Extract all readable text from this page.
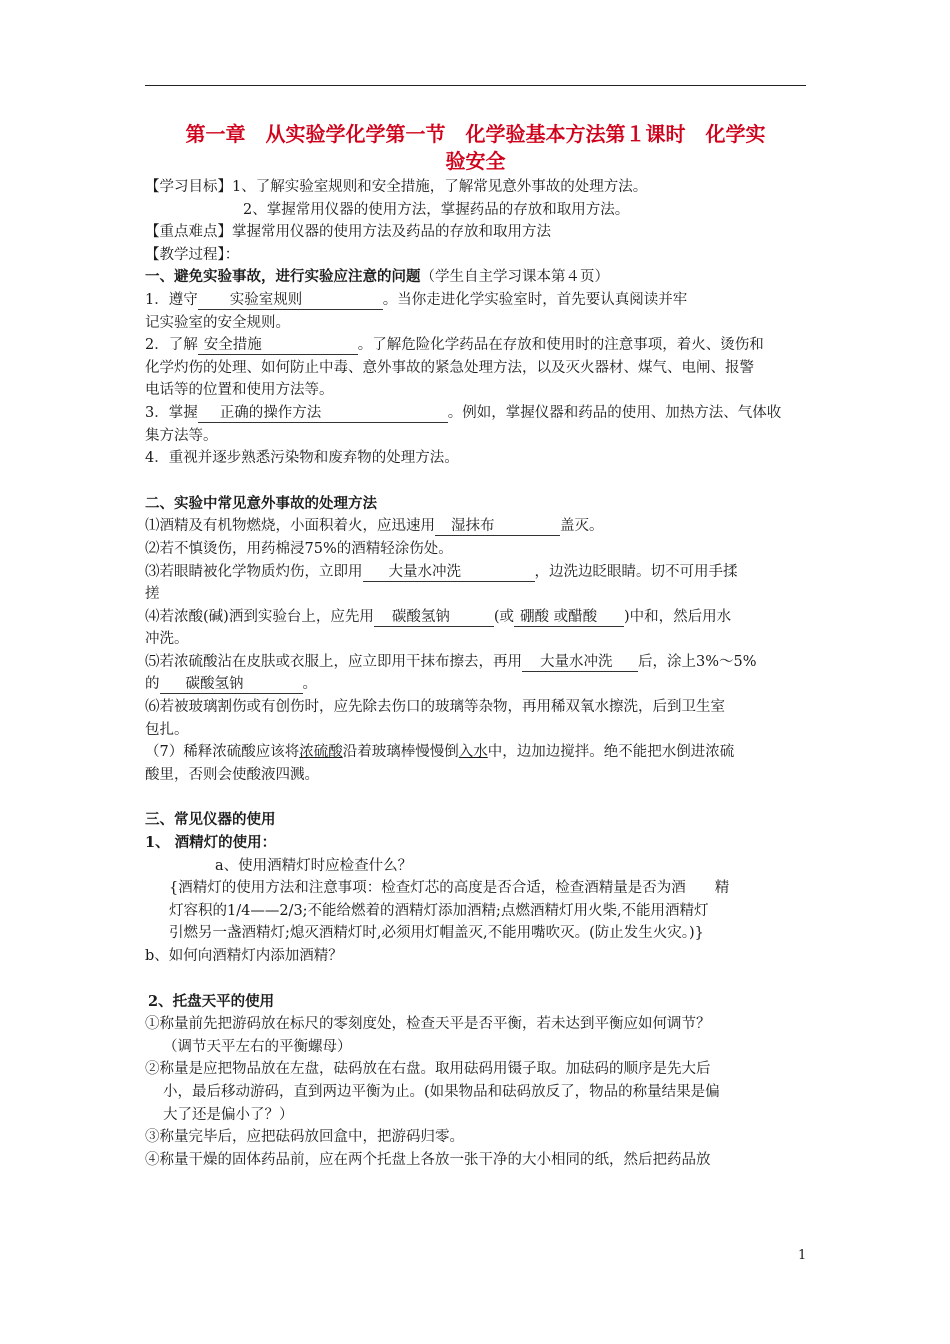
第一章　从实验学化学第一节　化学验基本方法第１课时　化学实
验安全
【学习目标】1、了解实验室规则和安全措施，了解常见意外事故的处理方法。
2、掌握常用仪器的使用方法，掌握药品的存放和取用方法。
【重点难点】掌握常用仪器的使用方法及药品的存放和取用方法
【教学过程】：
一、避免实验事故，进行实验应注意的问题（学生自主学习课本第４页）
1．遵守 实验室规则	。当你走进化学实验室时，首先要认真阅读并牢
记实验室的安全规则。
2．了解 安全措施	。了解危险化学药品在存放和使用时的注意事项，着火、烫伤和
化学灼伤的处理、如何防止中毒、意外事故的紧急处理方法，以及灭火器材、煤气、电闸、报警
电话等的位置和使用方法等。
3．掌握 正确的操作方法	。例如，掌握仪器和药品的使用、加热方法、气体收
集方法等。
4．重视并逐步熟悉污染物和废弃物的处理方法。
二、实验中常见意外事故的处理方法
⑴酒精及有机物燃烧，小面积着火，应迅速用 湿抹布	盖灭。
⑵若不慎烫伤，用药棉浸75%的酒精轻涂伤处。
⑶若眼睛被化学物质灼伤，立即用 大量水冲洗	，边洗边眨眼睛。切不可用手揉
搓
⑷若浓酸(碱)洒到实验台上，应先用 碳酸氢钠	(或 硼酸 或醋酸 )中和，然后用水
冲洗。
⑸若浓硫酸沾在皮肤或衣服上，应立即用干抹布擦去，再用 大量水冲洗 后，涂上3%～5%
的 碳酸氢钠	。
⑹若被玻璃割伤或有创伤时，应先除去伤口的玻璃等杂物，再用稀双氧水擦洗，后到卫生室
包扎。
（7）稀释浓硫酸应该将浓硫酸沿着玻璃棒慢慢倒入水中，边加边搅拌。绝不能把水倒进浓硫
酸里，否则会使酸液四溅。
三、常见仪器的使用
1、 酒精灯的使用：
a、使用酒精灯时应检查什么？
{酒精灯的使用方法和注意事项：检查灯芯的高度是否合适，检查酒精量是否为酒　　精
灯容积的1/4——2/3;不能给燃着的酒精灯添加酒精;点燃酒精灯用火柴,不能用酒精灯
引燃另一盏酒精灯;熄灭酒精灯时,必须用灯帽盖灭,不能用嘴吹灭。(防止发生火灾。)}
b、如何向酒精灯内添加酒精？
2、托盘天平的使用
①称量前先把游码放在标尺的零刻度处，检查天平是否平衡，若未达到平衡应如何调节？
（调节天平左右的平衡螺母）
②称量是应把物品放在左盘，砝码放在右盘。取用砝码用镊子取。加砝码的顺序是先大后
小，最后移动游码，直到两边平衡为止。(如果物品和砝码放反了，物品的称量结果是偏
大了还是偏小了？）
③称量完毕后，应把砝码放回盒中，把游码归零。
④称量干燥的固体药品前，应在两个托盘上各放一张干净的大小相同的纸，然后把药品放
1
